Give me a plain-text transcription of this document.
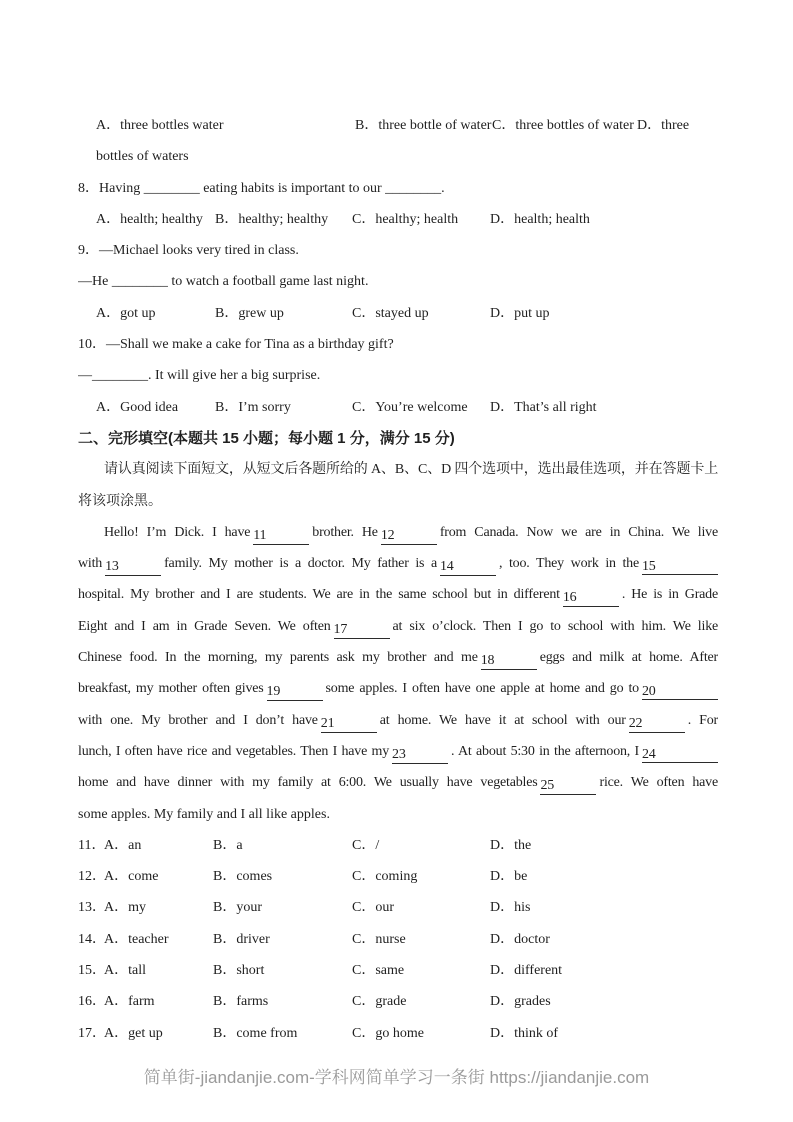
A．three bottles water	B．three bottle of water C．three bottles of water D．three
bottles of waters
8．Having ________ eating habits is important to our ________.
A．health; healthy B．healthy; healthy C．healthy; health D．health; health
9．—Michael looks very tired in class.
—He ________ to watch a football game last night.
A．got up	B．grew up	C．stayed up	D．put up
10．—Shall we make a cake for Tina as a birthday gift?
—________. It will give her a big surprise.
A．Good idea	B．I’m sorry	C．You’re welcome D．That’s all right
二、完形填空(本题共 15 小题；每小题 1 分，满分 15 分)
请认真阅读下面短文，从短文后各题所给的 A、B、C、D 四个选项中，选出最佳选项，并在答题卡上
将该项涂黑。
Hello! I’m Dick. I have 11	brother. He 12	from Canada. Now we are in China. We live
with 13	family. My mother is a doctor. My father is a 14	, too. They work in the 15
hospital. My brother and I are students. We are in the same school but in different 16	. He is in Grade
Eight and I am in Grade Seven. We often 17	at six o’clock. Then I go to school with him. We like
Chinese food. In the morning, my parents ask my brother and me 18	eggs and milk at home. After
breakfast, my mother often gives 19	some apples. I often have one apple at home and go to 20
with one. My brother and I don’t have 21	at home. We have it at school with our 22	. For
lunch, I often have rice and vegetables. Then I have my 23	. At about 5:30 in the afternoon, I 24
home and have dinner with my family at 6:00. We usually have vegetables 25	rice. We often have
some apples. My family and I all like apples.
11．
A．an	B．a	C．/	D．the
12．
A．come	B．comes	C．coming	D．be
13．
A．my	B．your	C．our	D．his
14．
A．teacher	B．driver	C．nurse	D．doctor
15．
A．tall	B．short	C．same	D．different
16．
A．farm	B．farms	C．grade	D．grades
17．
A．get up	B．come from	C．go home	D．think of
简单街-jiandanjie.com-学科网简单学习一条街 https://jiandanjie.com
